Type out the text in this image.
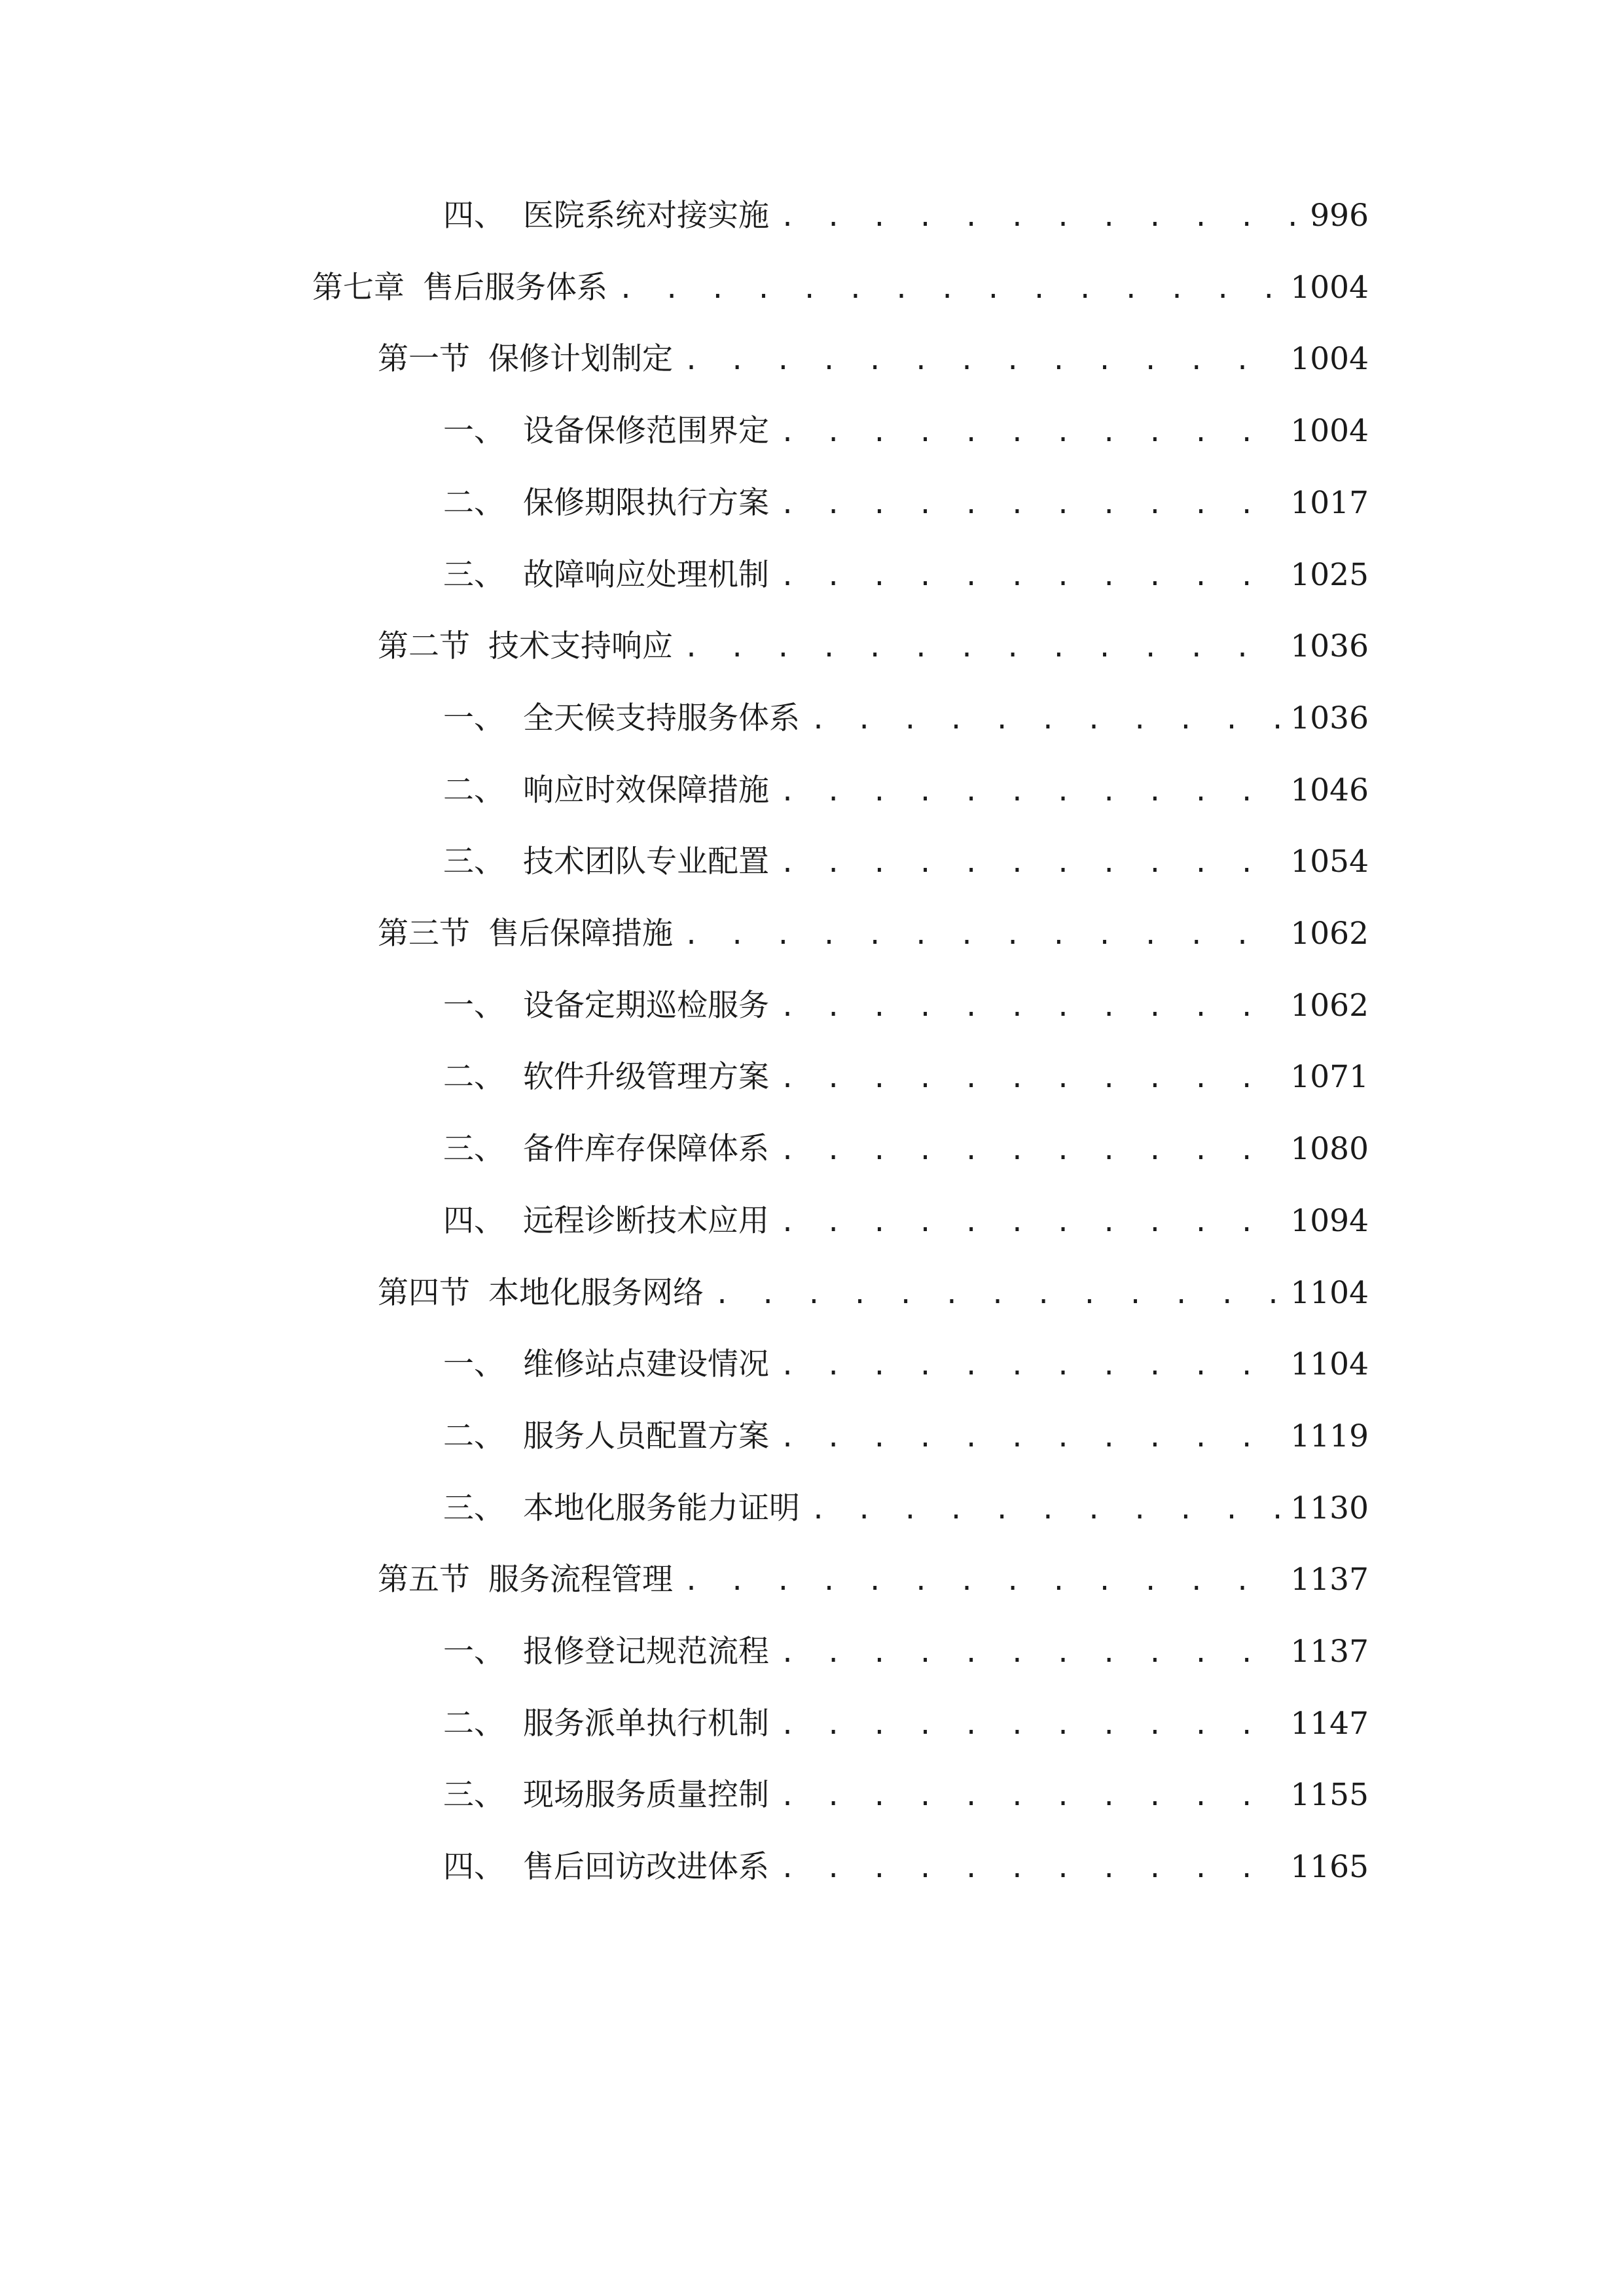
四、 医院系统对接实施 . . .	996
第七章 售后服务体系 . . .	1004
第一节 保修计划制定 . . .	1004
一、 设备保修范围界定 . . .	1004
二、 保修期限执行方案 . . .	1017
三、 故障响应处理机制 . . .	1025
第二节 技术支持响应 . . .	1036
一、 全天候支持服务体系 . . .	1036
二、 响应时效保障措施 . . .	1046
三、 技术团队专业配置 . . .	1054
第三节 售后保障措施 . . .	1062
一、 设备定期巡检服务 . . .	1062
二、 软件升级管理方案 . . .	1071
三、 备件库存保障体系 . . .	1080
四、 远程诊断技术应用 . . .	1094
第四节 本地化服务网络 . . .	1104
一、 维修站点建设情况 . . .	1104
二、 服务人员配置方案 . . .	1119
三、 本地化服务能力证明 . . .	1130
第五节 服务流程管理 . . .	1137
一、 报修登记规范流程 . . .	1137
二、 服务派单执行机制 . . .	1147
三、 现场服务质量控制 . . .	1155
四、 售后回访改进体系 . . .	1165
